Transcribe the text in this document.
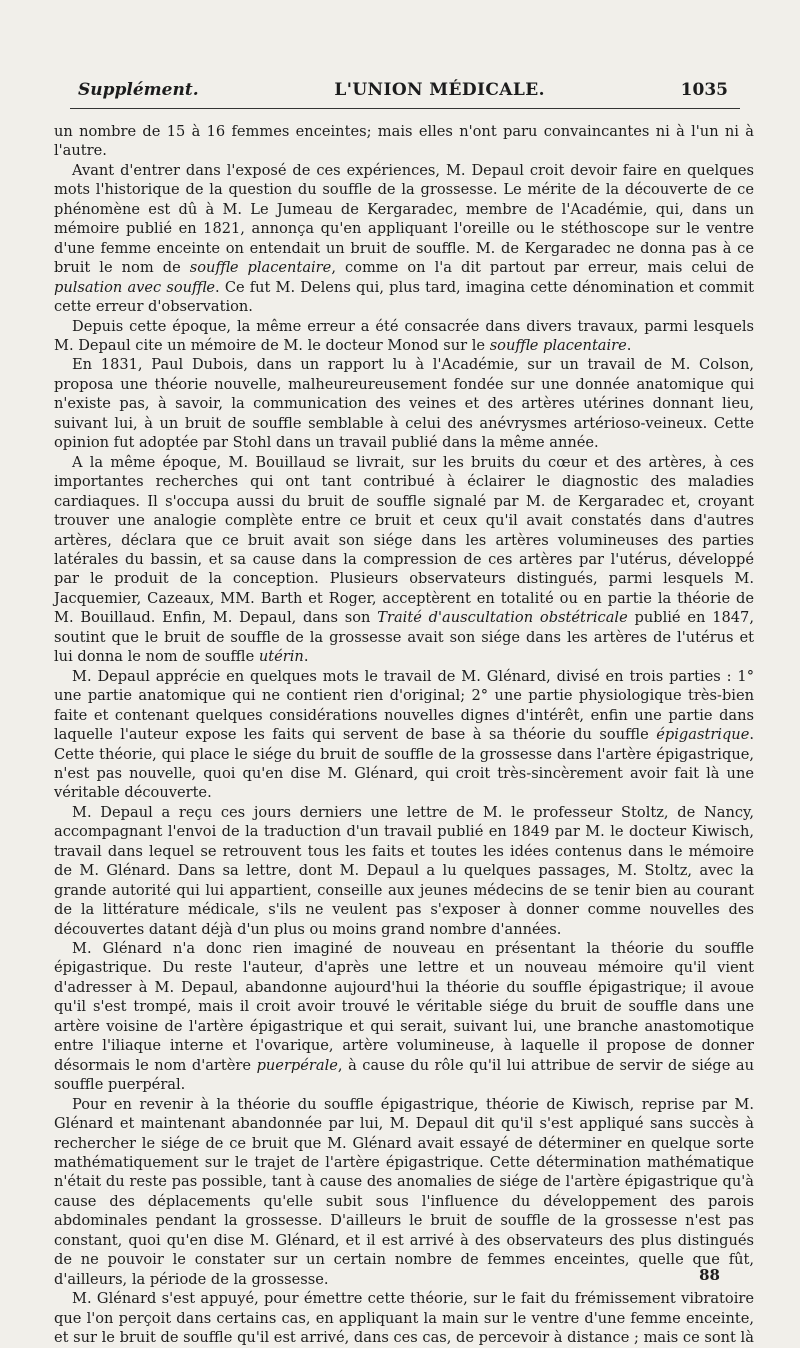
Supplément.	L'UNION MÉDICALE.	1035

un nombre de 15 à 16 femmes enceintes; mais elles n'ont paru convaincantes ni à l'un ni à l'autre.

Avant d'entrer dans l'exposé de ces expériences, M. Depaul croit devoir faire en quelques mots l'historique de la question du souffle de la grossesse. Le mérite de la découverte de ce phénomène est dû à M. Le Jumeau de Kergaradec, membre de l'Académie, qui, dans un mémoire publié en 1821, annonça qu'en appliquant l'oreille ou le stéthoscope sur le ventre d'une femme enceinte on entendait un bruit de souffle. M. de Kergaradec ne donna pas à ce bruit le nom de souffle placentaire, comme on l'a dit partout par erreur, mais celui de pulsation avec souffle. Ce fut M. Delens qui, plus tard, imagina cette dénomination et commit cette erreur d'observation.

Depuis cette époque, la même erreur a été consacrée dans divers travaux, parmi lesquels M. Depaul cite un mémoire de M. le docteur Monod sur le souffle placentaire.

En 1831, Paul Dubois, dans un rapport lu à l'Académie, sur un travail de M. Colson, proposa une théorie nouvelle, malheureureusement fondée sur une donnée anatomique qui n'existe pas, à savoir, la communication des veines et des artères utérines donnant lieu, suivant lui, à un bruit de souffle semblable à celui des anévrysmes artérioso-veineux. Cette opinion fut adoptée par Stohl dans un travail publié dans la même année.

A la même époque, M. Bouillaud se livrait, sur les bruits du cœur et des artères, à ces importantes recherches qui ont tant contribué à éclairer le diagnostic des maladies cardiaques. Il s'occupa aussi du bruit de souffle signalé par M. de Kergaradec et, croyant trouver une analogie complète entre ce bruit et ceux qu'il avait constatés dans d'autres artères, déclara que ce bruit avait son siége dans les artères volumineuses des parties latérales du bassin, et sa cause dans la compression de ces artères par l'utérus, développé par le produit de la conception. Plusieurs observateurs distingués, parmi lesquels M. Jacquemier, Cazeaux, MM. Barth et Roger, acceptèrent en totalité ou en partie la théorie de M. Bouillaud. Enfin, M. Depaul, dans son Traité d'auscultation obstétricale publié en 1847, soutint que le bruit de souffle de la grossesse avait son siége dans les artères de l'utérus et lui donna le nom de souffle utérin.

M. Depaul apprécie en quelques mots le travail de M. Glénard, divisé en trois parties : 1° une partie anatomique qui ne contient rien d'original; 2° une partie physiologique très-bien faite et contenant quelques considérations nouvelles dignes d'intérêt, enfin une partie dans laquelle l'auteur expose les faits qui servent de base à sa théorie du souffle épigastrique. Cette théorie, qui place le siége du bruit de souffle de la grossesse dans l'artère épigastrique, n'est pas nouvelle, quoi qu'en dise M. Glénard, qui croit très-sincèrement avoir fait là une véritable découverte.

M. Depaul a reçu ces jours derniers une lettre de M. le professeur Stoltz, de Nancy, accompagnant l'envoi de la traduction d'un travail publié en 1849 par M. le docteur Kiwisch, travail dans lequel se retrouvent tous les faits et toutes les idées contenus dans le mémoire de M. Glénard. Dans sa lettre, dont M. Depaul a lu quelques passages, M. Stoltz, avec la grande autorité qui lui appartient, conseille aux jeunes médecins de se tenir bien au courant de la littérature médicale, s'ils ne veulent pas s'exposer à donner comme nouvelles des découvertes datant déjà d'un plus ou moins grand nombre d'années.

M. Glénard n'a donc rien imaginé de nouveau en présentant la théorie du souffle épigastrique. Du reste l'auteur, d'après une lettre et un nouveau mémoire qu'il vient d'adresser à M. Depaul, abandonne aujourd'hui la théorie du souffle épigastrique; il avoue qu'il s'est trompé, mais il croit avoir trouvé le véritable siége du bruit de souffle dans une artère voisine de l'artère épigastrique et qui serait, suivant lui, une branche anastomotique entre l'iliaque interne et l'ovarique, artère volumineuse, à laquelle il propose de donner désormais le nom d'artère puerpérale, à cause du rôle qu'il lui attribue de servir de siége au souffle puerpéral.

Pour en revenir à la théorie du souffle épigastrique, théorie de Kiwisch, reprise par M. Glénard et maintenant abandonnée par lui, M. Depaul dit qu'il s'est appliqué sans succès à rechercher le siége de ce bruit que M. Glénard avait essayé de déterminer en quelque sorte mathématiquement sur le trajet de l'artère épigastrique. Cette détermination mathématique n'était du reste pas possible, tant à cause des anomalies de siége de l'artère épigastrique qu'à cause des déplacements qu'elle subit sous l'influence du développement des parois abdominales pendant la grossesse. D'ailleurs le bruit de souffle de la grossesse n'est pas constant, quoi qu'en dise M. Glénard, et il est arrivé à des observateurs des plus distingués de ne pouvoir le constater sur un certain nombre de femmes enceintes, quelle que fût, d'ailleurs, la période de la grossesse.

M. Glénard s'est appuyé, pour émettre cette théorie, sur le fait du frémissement vibratoire que l'on perçoit dans certains cas, en appliquant la main sur le ventre d'une femme enceinte, et sur le bruit de souffle qu'il est arrivé, dans ces cas, de percevoir à distance ; mais ce sont là

88
